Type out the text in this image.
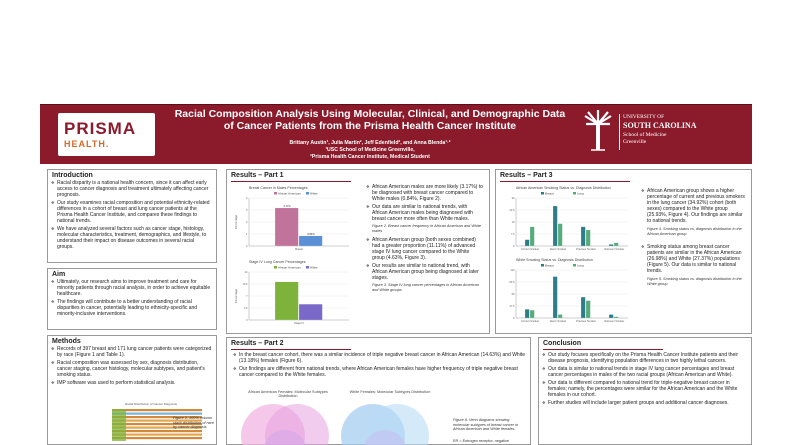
PRISMA
HEALTH.
Racial Composition Analysis Using Molecular, Clinical, and Demographic Data
of Cancer Patients from the Prisma Health Cancer Institute
Brittany Austin¹, Julia Martin², Jeff Edenfield², and Anna Blenda¹·²
¹USC School of Medicine Greenville,
²Prisma Health Cancer Institute, Medical Student
UNIVERSITY OF
SOUTH CAROLINA
School of Medicine
Greenville
Introduction
❖ Racial disparity is a national health concern, since it can affect early access to cancer diagnosis and treatment ultimately affecting cancer prognosis.
❖ Our study examines racial composition and potential ethnicity-related differences in a cohort of breast and lung cancer patients at the Prisma Health Cancer Institute, and compares these findings to national trends.
❖ We have analyzed several factors such as cancer stage, histology, molecular characteristics, treatment, demographics, and lifestyle, to understand their impact on disease outcomes in several racial groups.
Aim
❖ Ultimately, our research aims to improve treatment and care for minority patients through racial analysis, in order to achieve equitable healthcare.
❖ The findings will contribute to a better understanding of racial disparities in cancer, potentially leading to ethnicity-specific and minority-inclusive interventions.
Methods
❖ Records of 397 breast and 171 lung cancer patients were categorized by race (Figure 1 and Table 1).
❖ Racial composition was assessed by sex, diagnosis distribution, cancer staging, cancer histology, molecular subtypes, and patient's smoking status.
❖ IMP software was used to perform statistical analysis.
Racial Distribution of Cancer Diagnosis
Figure 1. 100% column stack distribution of race by cancer diagnosis
Results – Part 1
❖ African American males are more likely (3.17%) to be diagnosed with breast cancer compared to White males (0.84%, Figure 2).
❖ Our data are similar to national trends, with African American males being diagnosed with breast cancer more often than White males.
Figure 2. Breast cancer frequency in African American and White males
❖ African American group (both sexes combined) had a greater proportion (11.11%) of advanced stage IV lung cancer compared to the White group (4.63%, Figure 3).
❖ Our results are similar to national trend, with African American group being diagnosed at later stages.
Figure 3. Stage IV lung cancer percentages in African American and White groups
Breast Cancer in Males Percentages
African American	White
0
1
2
3
4
Percentage
3.17%
0.84%
Breast
Stage IV Lung Cancer Percentages
African American	White
0
3.5
7
10.5
14
Percentage
Stage IV
Results – Part 3
African American Smoking Status vs. Diagnosis Distribution
Breast	Lung
0
7.5
15
22.5
30
Current Smoker	Never Smoker	Previous Smoker	Unknown Smoker
White Smoking Status vs. Diagnosis Distribution
Breast	Lung
0
27.5
55
82.5
110
Current Smoker	Never Smoker	Previous Smoker	Unknown Smoker
❖ African American group shows a higher percentage of current and previous smokers in the lung cancer (34.92%) cohort (both sexes) compared to the White group (25.93%, Figure 4). Our findings are similar to national trends.
Figure 4. Smoking status vs. diagnosis distribution in the African American group
❖ Smoking status among breast cancer patients are similar in the African American (26.98%) and White (27.37%) populations (Figure 5). Our data is similar to national trends.
Figure 5. Smoking status vs. diagnosis distribution in the White group
Results – Part 2
❖ In the breast cancer cohort, there was a similar incidence of triple negative breast cancer in African American (14.63%) and White (13.18%) females (Figure 6).
❖ Our findings are different from national trends, where African American females have higher frequency of triple negative breast cancer compared to the White females.
African American Females: Molecular Subtypes Distribution
White Females: Molecular Subtypes Distribution
Figure 6. Venn diagrams showing molecular subtypes of breast cancer in African American and White females.
ER = Estrogen receptor, negative
Conclusion
❖ Our study focuses specifically on the Prisma Health Cancer Institute patients and their disease prognosis, identifying population differences in two highly lethal cancers.
❖ Our data is similar to national trends in stage IV lung cancer percentages and breast cancer percentages in males of the two racial groups (African American and White).
❖ Our data is different compared to national trend for triple-negative breast cancer in females; namely, the percentages were similar for the African American and the White females in our cohort.
❖ Further studies will include larger patient groups and additional cancer diagnoses.
